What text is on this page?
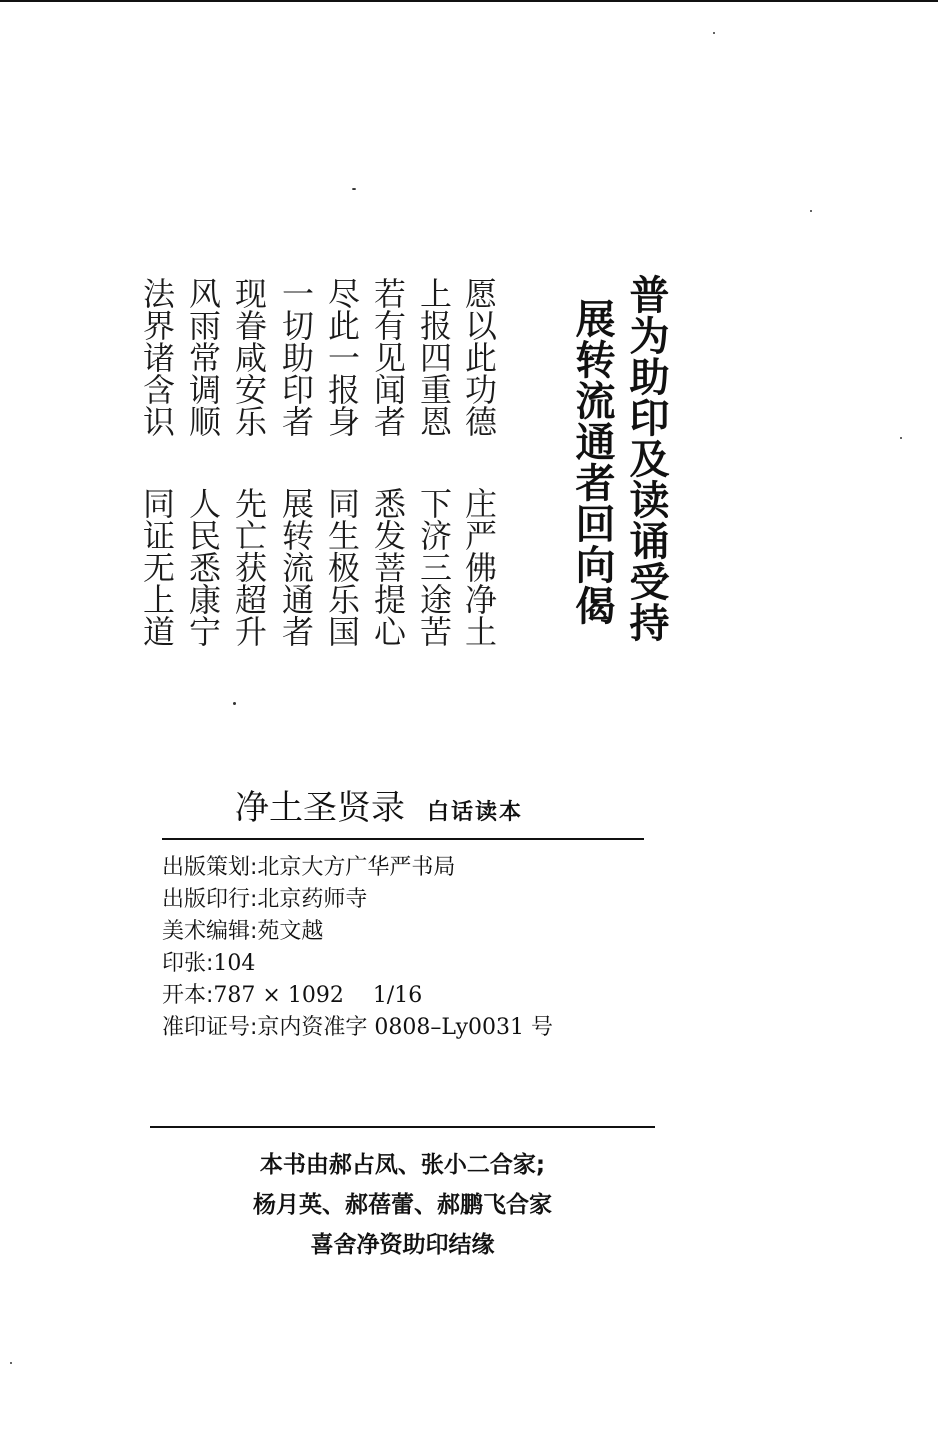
普为助印及读诵受持
展转流通者回向偈
愿以此功德
上报四重恩
若有见闻者
尽此一报身
一切助印者
现眷咸安乐
风雨常调顺
法界诸含识
庄严佛净土
下济三途苦
悉发菩提心
同生极乐国
展转流通者
先亡获超升
人民悉康宁
同证无上道
净土圣贤录 白话读本
出版策划:北京大方广华严书局
出版印行:北京药师寺
美术编辑:苑文越
印张:104
开本:787 × 1092　 1/16
准印证号:京内资准字 0808–Ly0031 号
本书由郝占凤、张小二合家;
杨月英、郝蓓蕾、郝鹏飞合家
喜舍净资助印结缘
